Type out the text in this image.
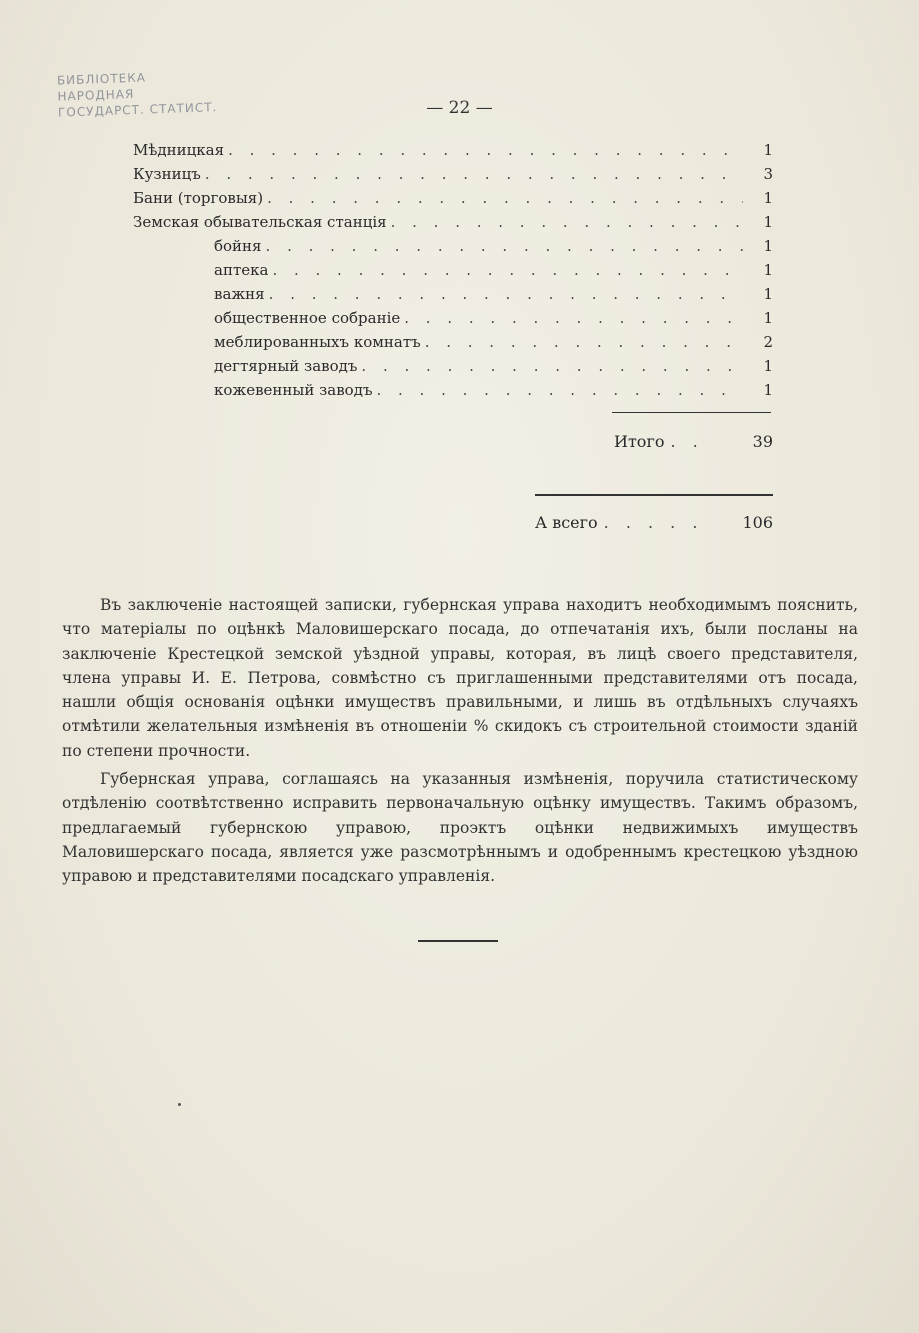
БИБЛІОТЕКА
НАРОДНАЯ
ГОСУДАРСТ. СТАТИСТ.	— 22 —
Мѣдницкая . . .	1
Кузницъ . . .	3
Бани (торговыя) . . .	1
Земская обывательская станція . . .	1
бойня . . .	1
аптека . . .	1
важня . . .	1
общественное собраніе . . .	1
меблированныхъ комнатъ . . .	2
дегтярный заводъ . . .	1
кожевенный заводъ . . .	1
Итого . .	39
А всего . . . . .	106

Въ заключеніе настоящей записки, губернская управа находитъ необходимымъ пояснить, что матеріалы по оцѣнкѣ Маловишерскаго посада, до отпечатанія ихъ, были посланы на заключеніе Крестецкой земской уѣздной управы, которая, въ лицѣ своего представителя, члена управы И. Е. Петрова, совмѣстно съ приглашенными представителями отъ посада, нашли общія основанія оцѣнки имуществъ правильными, и лишь въ отдѣльныхъ случаяхъ отмѣтили желательныя измѣненія въ отношеніи % скидокъ съ строительной стоимости зданій по степени прочности.

Губернская управа, соглашаясь на указанныя измѣненія, поручила статистическому отдѣленію соотвѣтственно исправить первоначальную оцѣнку имуществъ. Такимъ образомъ, предлагаемый губернскою управою, проэктъ оцѣнки недвижимыхъ имуществъ Маловишерскаго посада, является уже разсмотрѣннымъ и одобреннымъ крестецкою уѣздною управою и представителями посадскаго управленія.
